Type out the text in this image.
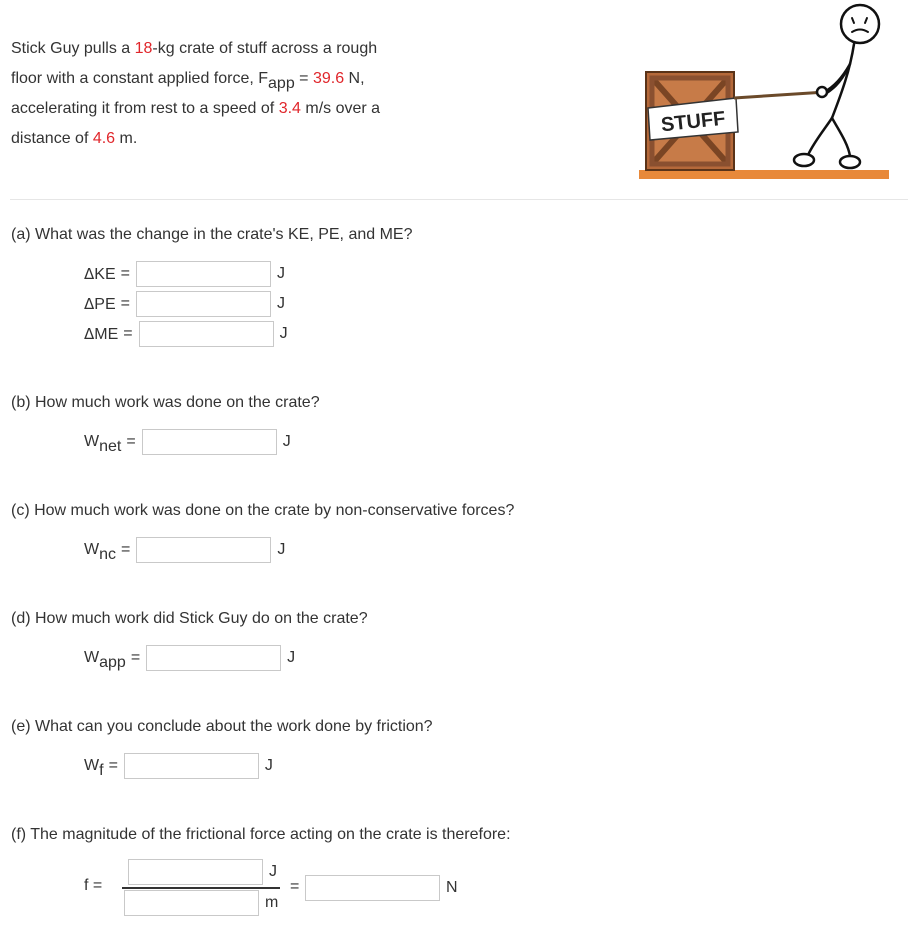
Stick Guy pulls a 18-kg crate of stuff across a rough

floor with a constant applied force, $F_{app} = 39.6$ N,

accelerating it from rest to a speed of 3.4 m/s over a

distance of 4.6 m.

STUFF
(a) What was the change in the crate's KE, PE, and ME?
ΔKE =	J
ΔPE =	J
ΔME =	J
(b) How much work was done on the crate?
$W_{net}$ =	J
(c) How much work was done on the crate by non-conservative forces?
$W_{nc}$ =	J
(d) How much work did Stick Guy do on the crate?
$W_{app}$ =	J
(e) What can you conclude about the work done by friction?
$W_f$ =	J
(f) The magnitude of the frictional force acting on the crate is therefore:
f =
J
m
=	N
